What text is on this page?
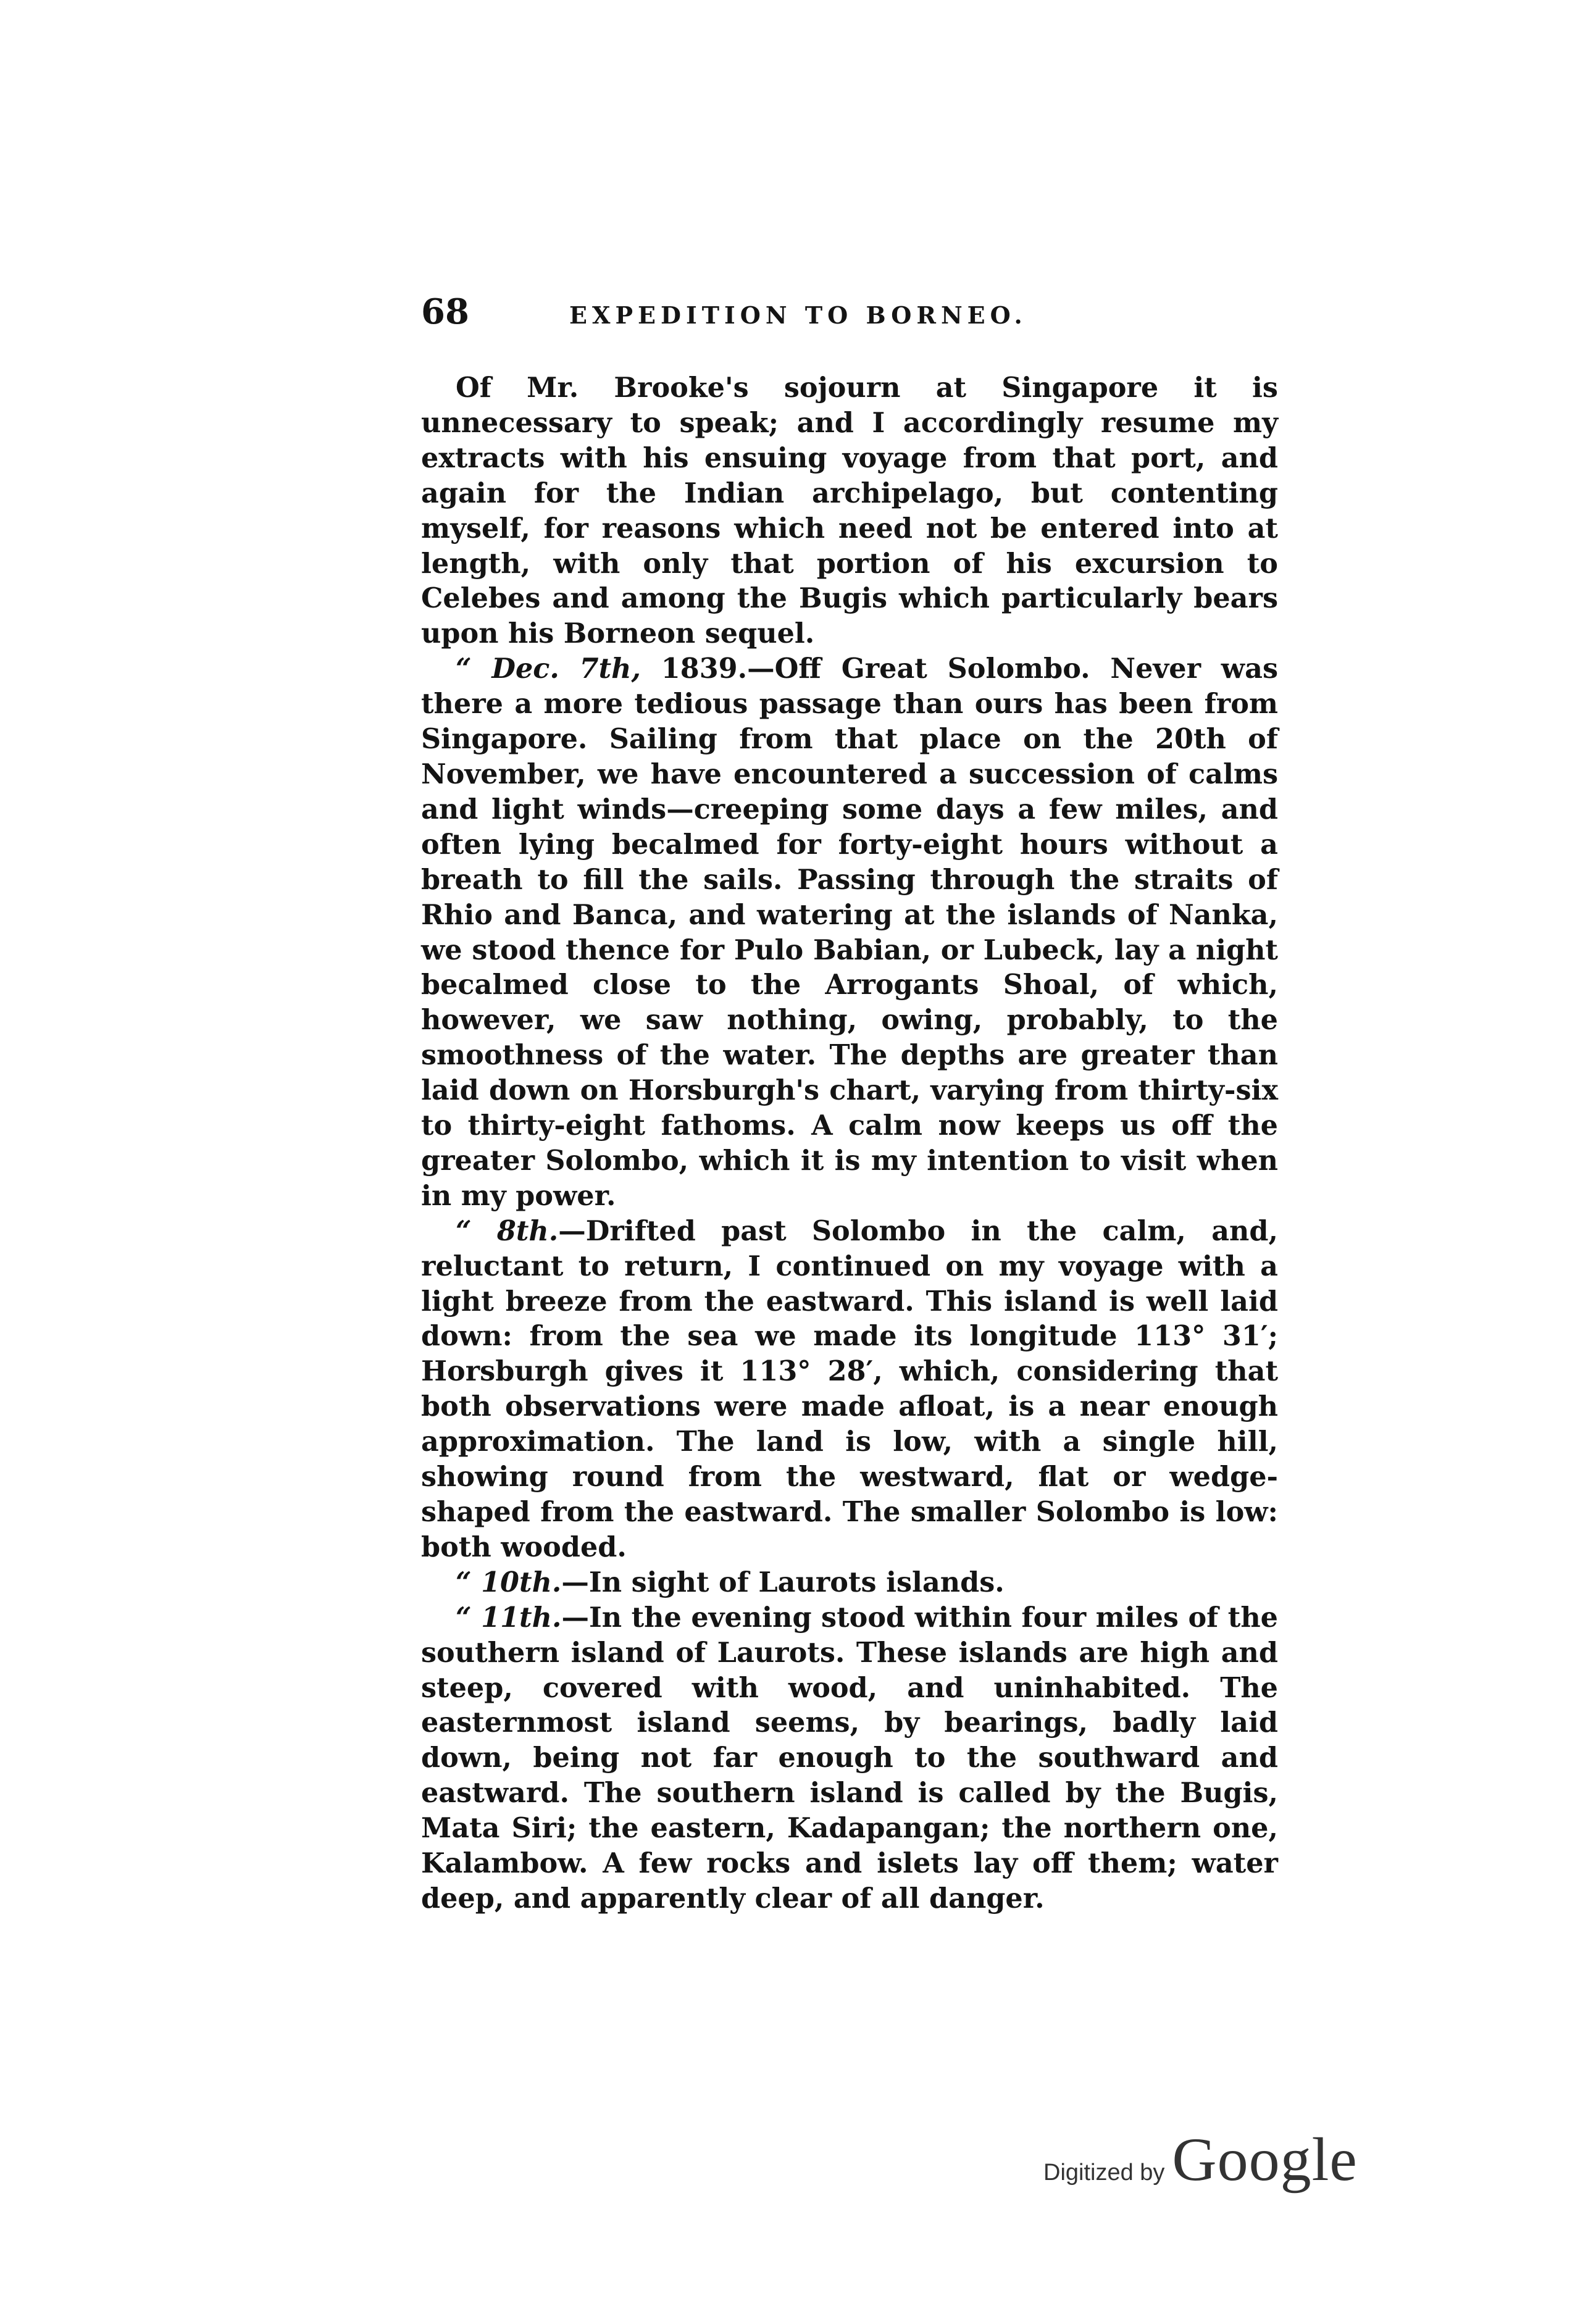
68	EXPEDITION TO BORNEO.

Of Mr. Brooke's sojourn at Singapore it is unnecessary to speak; and I accordingly resume my extracts with his ensuing voyage from that port, and again for the Indian archipelago, but contenting myself, for reasons which need not be entered into at length, with only that portion of his excursion to Celebes and among the Bugis which particularly bears upon his Borneon sequel.

“ Dec. 7th, 1839.—Off Great Solombo. Never was there a more tedious passage than ours has been from Singapore. Sailing from that place on the 20th of November, we have encountered a succession of calms and light winds—creeping some days a few miles, and often lying becalmed for forty-eight hours without a breath to fill the sails. Passing through the straits of Rhio and Banca, and watering at the islands of Nanka, we stood thence for Pulo Babian, or Lubeck, lay a night becalmed close to the Arrogants Shoal, of which, however, we saw nothing, owing, probably, to the smoothness of the water. The depths are greater than laid down on Horsburgh's chart, varying from thirty-six to thirty-eight fathoms. A calm now keeps us off the greater Solombo, which it is my intention to visit when in my power.

“ 8th.—Drifted past Solombo in the calm, and, reluctant to return, I continued on my voyage with a light breeze from the eastward. This island is well laid down: from the sea we made its longitude 113° 31′; Horsburgh gives it 113° 28′, which, considering that both observations were made afloat, is a near enough approximation. The land is low, with a single hill, showing round from the westward, flat or wedge-shaped from the eastward. The smaller Solombo is low: both wooded.

“ 10th.—In sight of Laurots islands.

“ 11th.—In the evening stood within four miles of the southern island of Laurots. These islands are high and steep, covered with wood, and uninhabited. The easternmost island seems, by bearings, badly laid down, being not far enough to the southward and eastward. The southern island is called by the Bugis, Mata Siri; the eastern, Kadapangan; the northern one, Kalambow. A few rocks and islets lay off them; water deep, and apparently clear of all danger.

Digitized by Google
